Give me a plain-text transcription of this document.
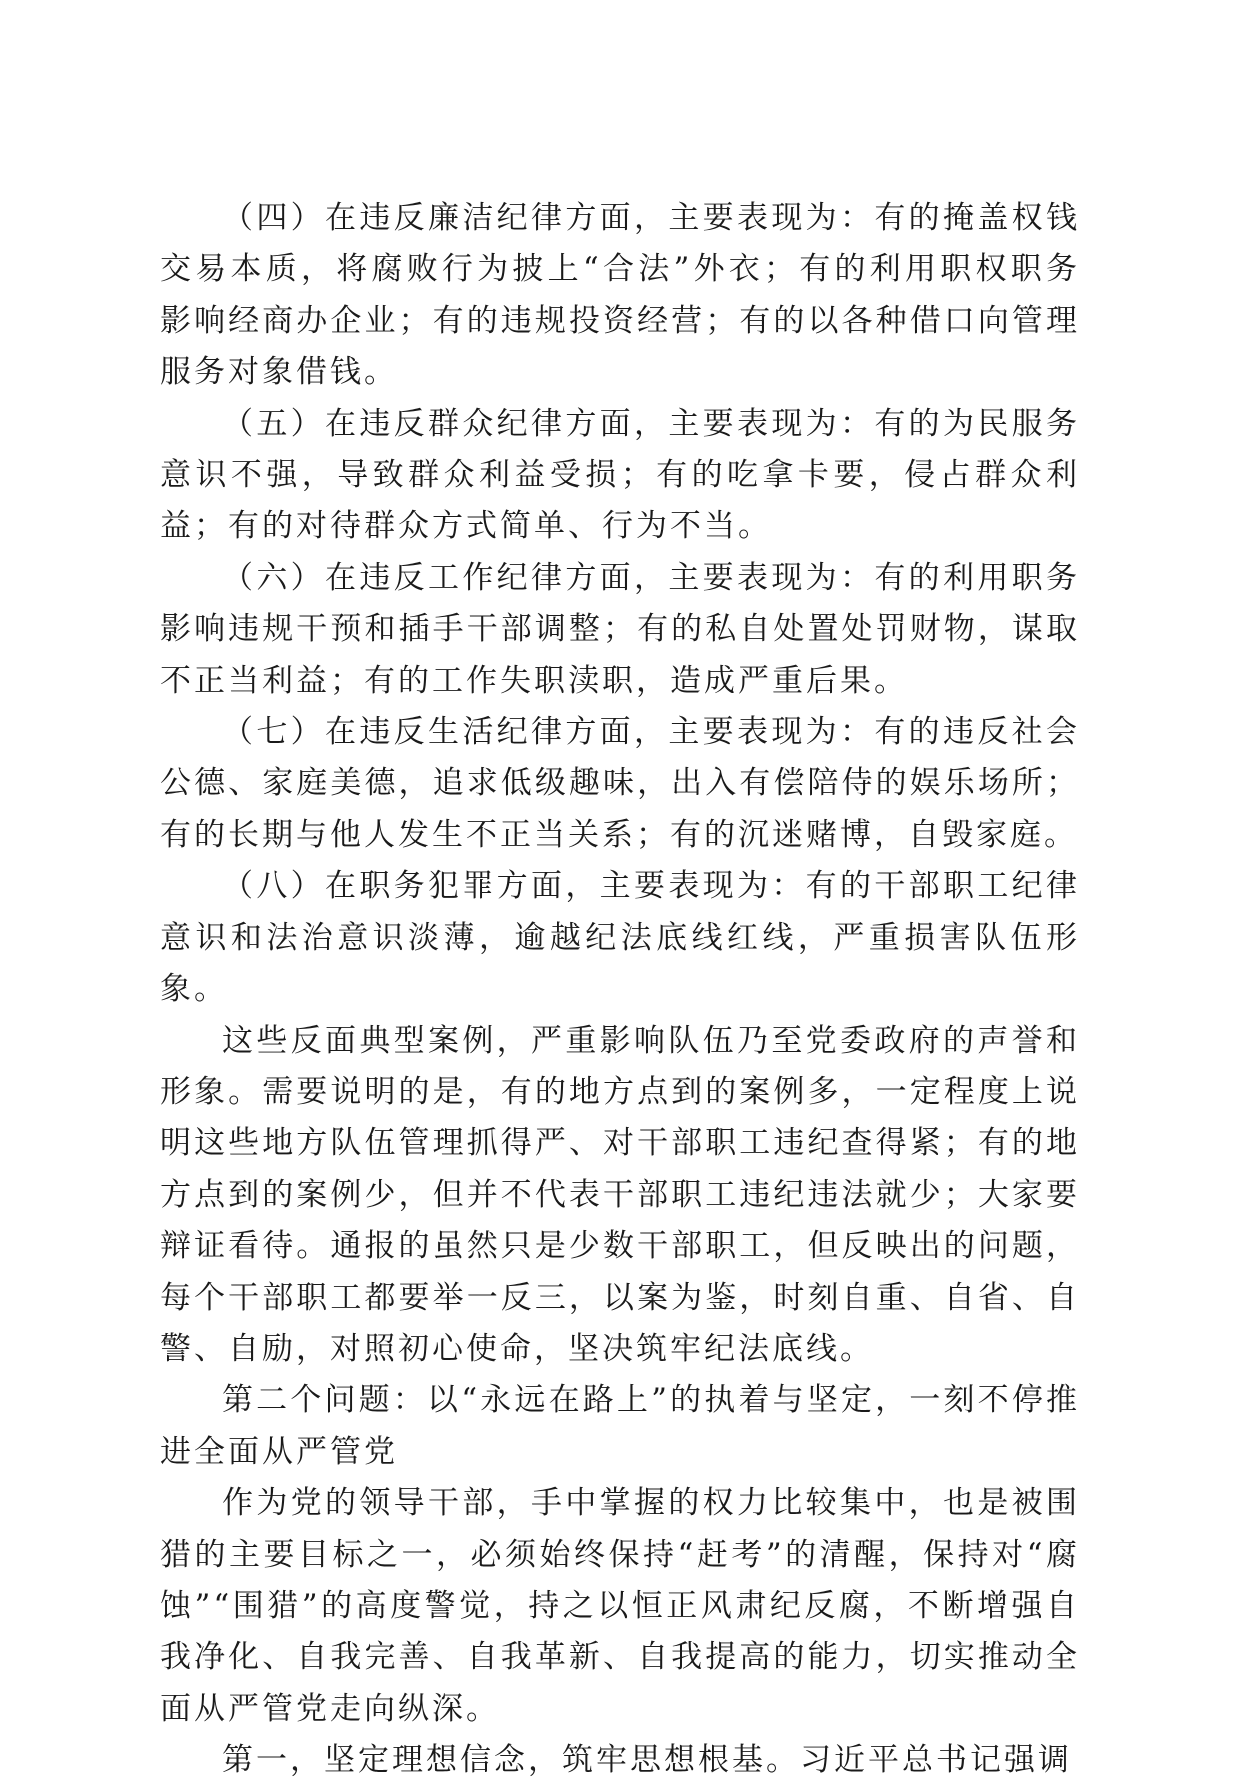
（四）在违反廉洁纪律方面，主要表现为：有的掩盖权钱交易本质，将腐败行为披上“合法”外衣；有的利用职权职务影响经商办企业；有的违规投资经营；有的以各种借口向管理服务对象借钱。

（五）在违反群众纪律方面，主要表现为：有的为民服务意识不强，导致群众利益受损；有的吃拿卡要，侵占群众利益；有的对待群众方式简单、行为不当。

（六）在违反工作纪律方面，主要表现为：有的利用职务影响违规干预和插手干部调整；有的私自处置处罚财物，谋取不正当利益；有的工作失职渎职，造成严重后果。

（七）在违反生活纪律方面，主要表现为：有的违反社会公德、家庭美德，追求低级趣味，出入有偿陪侍的娱乐场所；有的长期与他人发生不正当关系；有的沉迷赌博，自毁家庭。

（八）在职务犯罪方面，主要表现为：有的干部职工纪律意识和法治意识淡薄，逾越纪法底线红线，严重损害队伍形象。

这些反面典型案例，严重影响队伍乃至党委政府的声誉和形象。需要说明的是，有的地方点到的案例多，一定程度上说明这些地方队伍管理抓得严、对干部职工违纪查得紧；有的地方点到的案例少，但并不代表干部职工违纪违法就少；大家要辩证看待。通报的虽然只是少数干部职工，但反映出的问题，每个干部职工都要举一反三，以案为鉴，时刻自重、自省、自警、自励，对照初心使命，坚决筑牢纪法底线。

第二个问题：以“永远在路上”的执着与坚定，一刻不停推进全面从严管党

作为党的领导干部，手中掌握的权力比较集中，也是被围猎的主要目标之一，必须始终保持“赶考”的清醒，保持对“腐蚀”“围猎”的高度警觉，持之以恒正风肃纪反腐，不断增强自我净化、自我完善、自我革新、自我提高的能力，切实推动全面从严管党走向纵深。

第一，坚定理想信念，筑牢思想根基。习近平总书记强调
